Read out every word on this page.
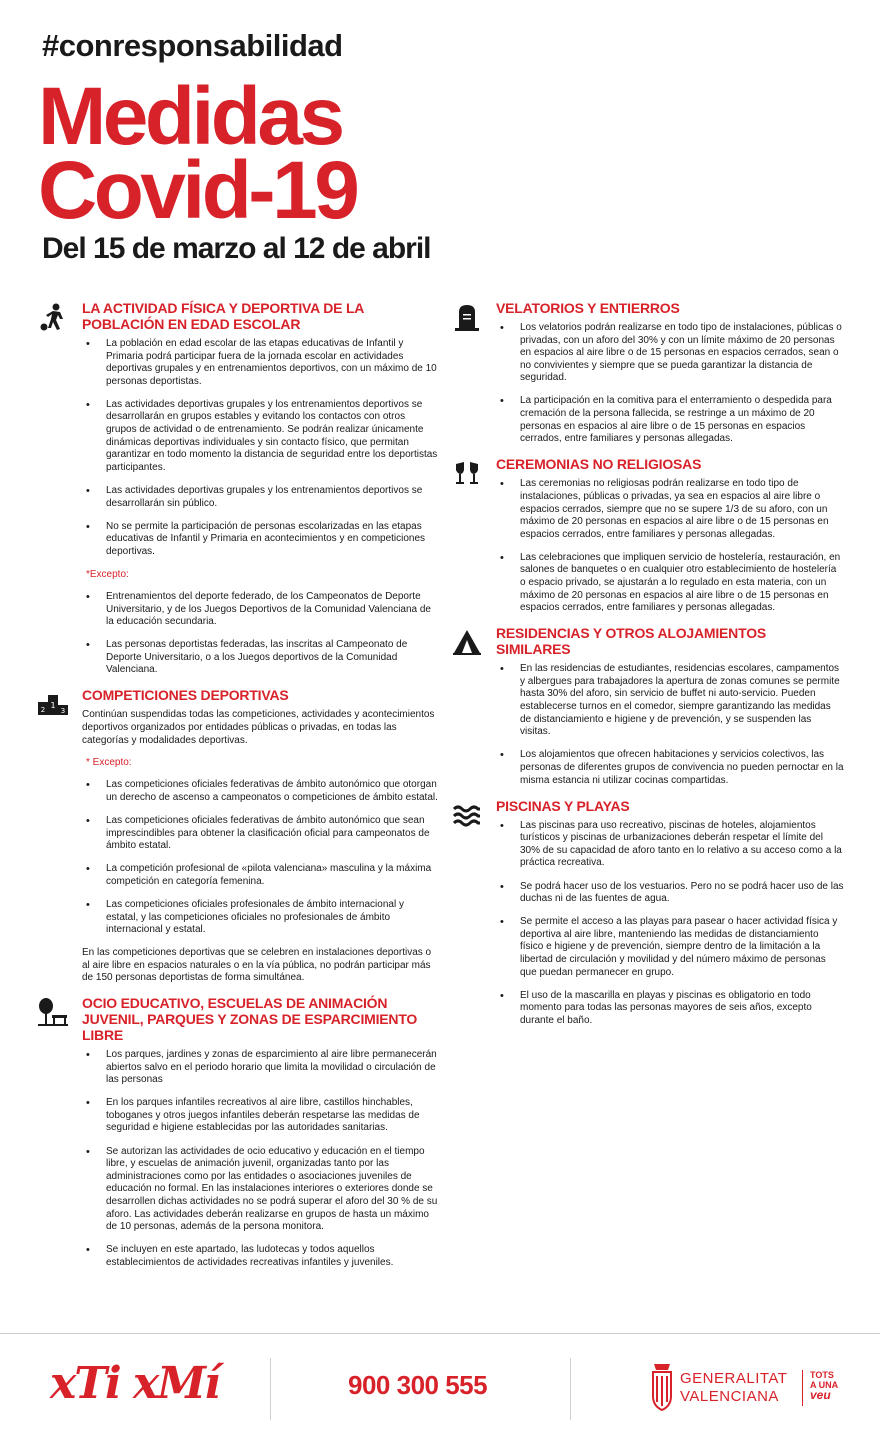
#conresponsabilidad
Medidas
Covid-19
Del 15 de marzo al 12 de abril
LA ACTIVIDAD FÍSICA Y DEPORTIVA DE LA POBLACIÓN EN EDAD ESCOLAR
• La población en edad escolar de las etapas educativas de Infantil y Primaria podrá participar fuera de la jornada escolar en actividades deportivas grupales y en entrenamientos deportivos, con un máximo de 10 personas deportistas.
• Las actividades deportivas grupales y los entrenamientos deportivos se desarrollarán en grupos estables y evitando los contactos con otros grupos de actividad o de entrenamiento. Se podrán realizar únicamente dinámicas deportivas individuales y sin contacto físico, que permitan garantizar en todo momento la distancia de seguridad entre los deportistas participantes.
• Las actividades deportivas grupales y los entrenamientos deportivos se desarrollarán sin público.
• No se permite la participación de personas escolarizadas en las etapas educativas de Infantil y Primaria en acontecimientos y en competiciones deportivas.
*Excepto:
• Entrenamientos del deporte federado, de los Campeonatos de Deporte Universitario, y de los Juegos Deportivos de la Comunidad Valenciana de la educación secundaria.
• Las personas deportistas federadas, las inscritas al Campeonato de Deporte Universitario, o a los Juegos deportivos de la Comunidad Valenciana.
1
2 3
COMPETICIONES DEPORTIVAS
Continúan suspendidas todas las competiciones, actividades y acontecimientos deportivos organizados por entidades públicas o privadas, en todas las categorías y modalidades deportivas.
* Excepto:
• Las competiciones oficiales federativas de ámbito autonómico que otorgan un derecho de ascenso a campeonatos o competiciones de ámbito estatal.
• Las competiciones oficiales federativas de ámbito autonómico que sean imprescindibles para obtener la clasificación oficial para campeonatos de ámbito estatal.
• La competición profesional de «pilota valenciana» masculina y la máxima competición en categoría femenina.
• Las competiciones oficiales profesionales de ámbito internacional y estatal, y las competiciones oficiales no profesionales de ámbito internacional y estatal.
En las competiciones deportivas que se celebren en instalaciones deportivas o al aire libre en espacios naturales o en la vía pública, no podrán participar más de 150 personas deportistas de forma simultánea.
OCIO EDUCATIVO, ESCUELAS DE ANIMACIÓN JUVENIL, PARQUES Y ZONAS DE ESPARCIMIENTO LIBRE
• Los parques, jardines y zonas de esparcimiento al aire libre permanecerán abiertos salvo en el periodo horario que limita la movilidad o circulación de las personas
• En los parques infantiles recreativos al aire libre, castillos hinchables, toboganes y otros juegos infantiles deberán respetarse las medidas de seguridad e higiene establecidas por las autoridades sanitarias.
• Se autorizan las actividades de ocio educativo y educación en el tiempo libre, y escuelas de animación juvenil, organizadas tanto por las administraciones como por las entidades o asociaciones juveniles de educación no formal. En las instalaciones interiores o exteriores donde se desarrollen dichas actividades no se podrá superar el aforo del 30 % de su aforo. Las actividades deberán realizarse en grupos de hasta un máximo de 10 personas, además de la persona monitora.
• Se incluyen en este apartado, las ludotecas y todos aquellos establecimientos de actividades recreativas infantiles y juveniles.
VELATORIOS Y ENTIERROS
• Los velatorios podrán realizarse en todo tipo de instalaciones, públicas o privadas, con un aforo del 30% y con un límite máximo de 20 personas en espacios al aire libre o de 15 personas en espacios cerrados, sean o no convivientes y siempre que se pueda garantizar la distancia de seguridad.
• La participación en la comitiva para el enterramiento o despedida para cremación de la persona fallecida, se restringe a un máximo de 20 personas en espacios al aire libre o de 15 personas en espacios cerrados, entre familiares y personas allegadas.
CEREMONIAS NO RELIGIOSAS
• Las ceremonias no religiosas podrán realizarse en todo tipo de instalaciones, públicas o privadas, ya sea en espacios al aire libre o espacios cerrados, siempre que no se supere 1/3 de su aforo, con un máximo de 20 personas en espacios al aire libre o de 15 personas en espacios cerrados, entre familiares y personas allegadas.
• Las celebraciones que impliquen servicio de hostelería, restauración, en salones de banquetes o en cualquier otro establecimiento de hostelería o espacio privado, se ajustarán a lo regulado en esta materia, con un máximo de 20 personas en espacios al aire libre o de 15 personas en espacios cerrados, entre familiares y personas allegadas.
RESIDENCIAS Y OTROS ALOJAMIENTOS SIMILARES
• En las residencias de estudiantes, residencias escolares, campamentos y albergues para trabajadores la apertura de zonas comunes se permite hasta 30% del aforo, sin servicio de buffet ni auto-servicio. Pueden establecerse turnos en el comedor, siempre garantizando las medidas de distanciamiento e higiene y de prevención, y se suspenden las visitas.
• Los alojamientos que ofrecen habitaciones y servicios colectivos, las personas de diferentes grupos de convivencia no pueden pernoctar en la misma estancia ni utilizar cocinas compartidas.
PISCINAS Y PLAYAS
• Las piscinas para uso recreativo, piscinas de hoteles, alojamientos turísticos y piscinas de urbanizaciones deberán respetar el límite del 30% de su capacidad de aforo tanto en lo relativo a su acceso como a la práctica recreativa.
• Se podrá hacer uso de los vestuarios. Pero no se podrá hacer uso de las duchas ni de las fuentes de agua.
• Se permite el acceso a las playas para pasear o hacer actividad física y deportiva al aire libre, manteniendo las medidas de distanciamiento físico e higiene y de prevención, siempre dentro de la limitación a la libertad de circulación y movilidad y del número máximo de personas que puedan permanecer en grupo.
• El uso de la mascarilla en playas y piscinas es obligatorio en todo momento para todas las personas mayores de seis años, excepto durante el baño.
xTi xMí	900 300 555	GENERALITAT
VALENCIANA
TOTS
A UNA
veu
